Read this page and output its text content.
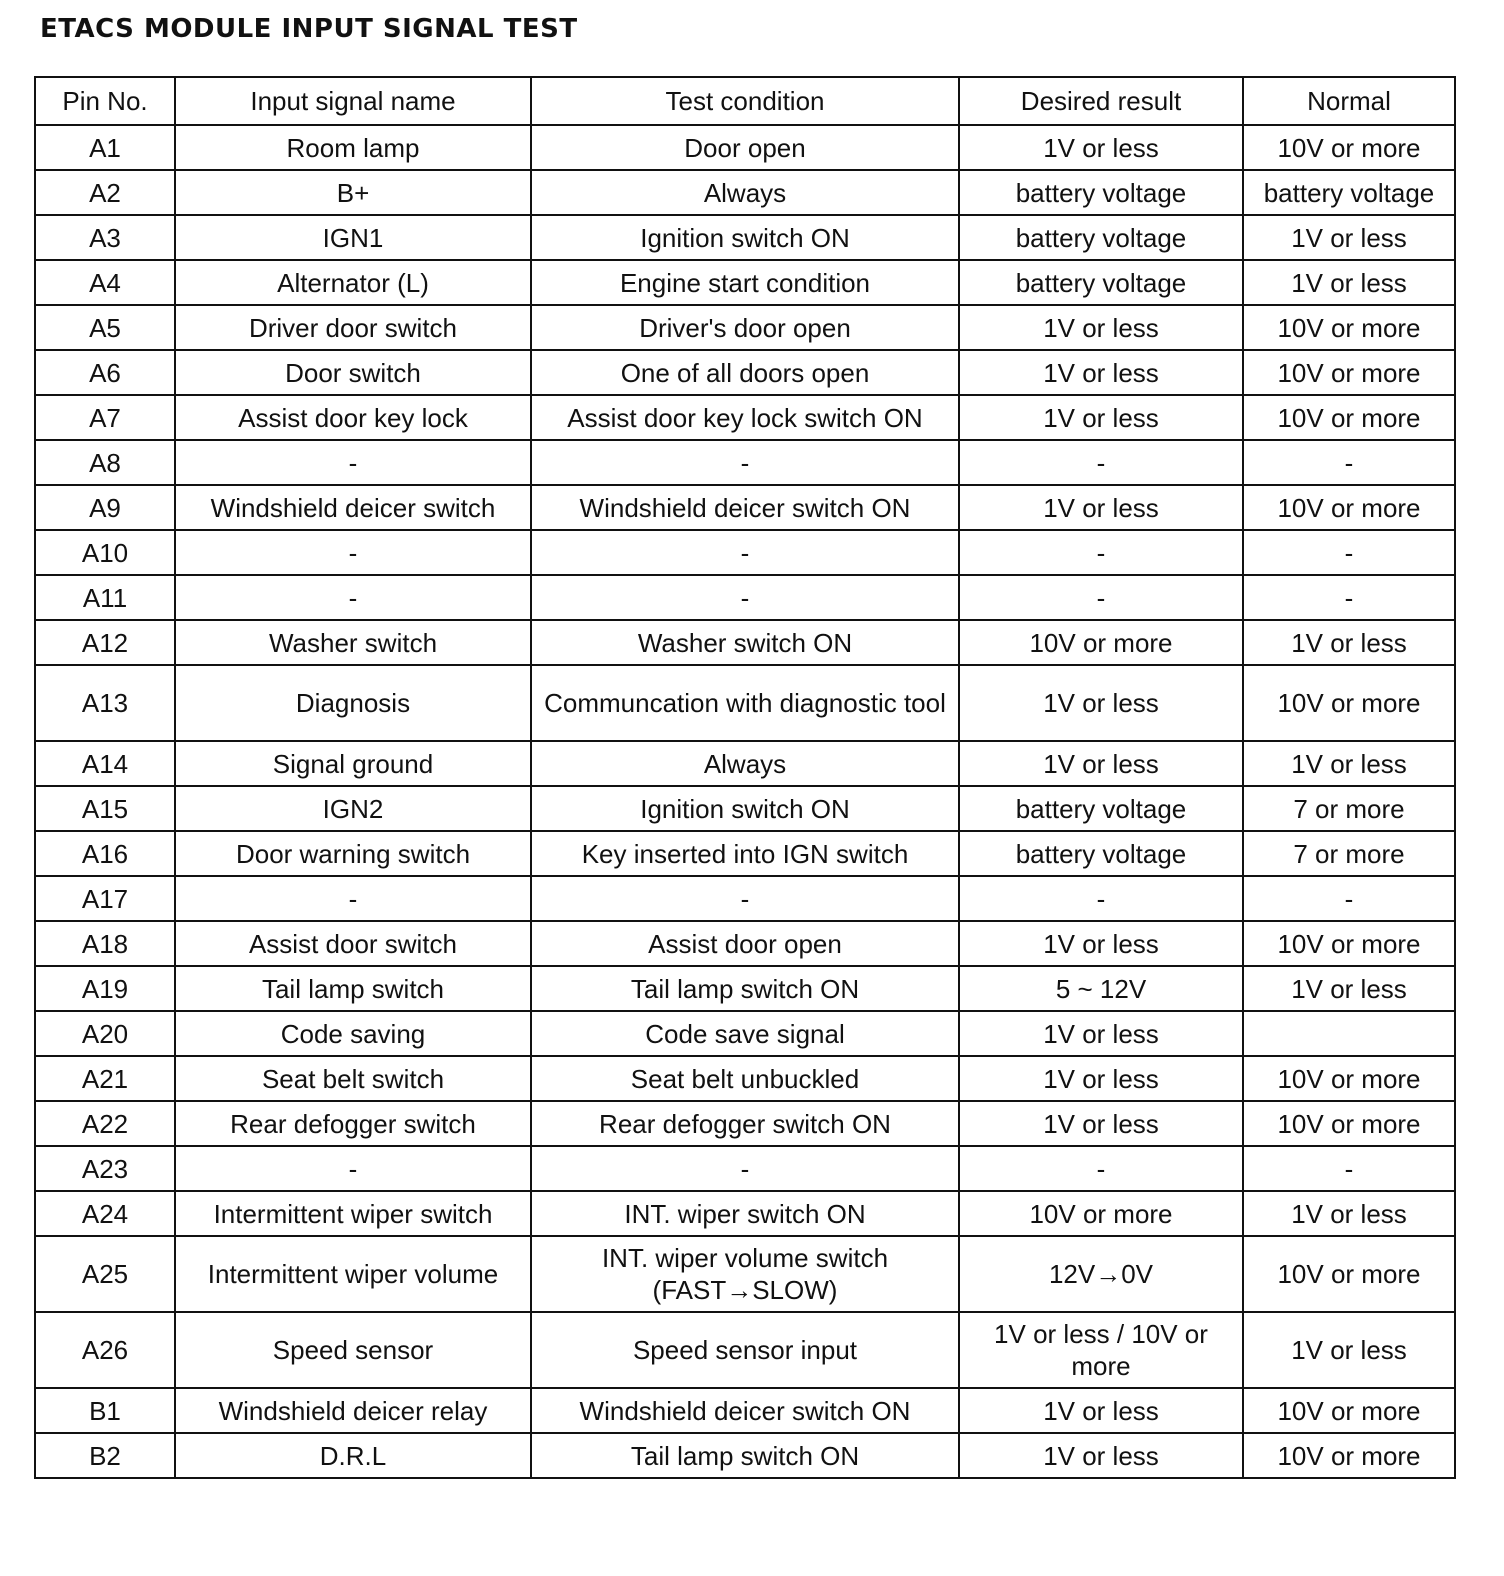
ETACS MODULE INPUT SIGNAL TEST
Pin No.	Input signal name	Test condition	Desired result	Normal
A1	Room lamp	Door open	1V or less	10V or more
A2	B+	Always	battery voltage	battery voltage
A3	IGN1	Ignition switch ON	battery voltage	1V or less
A4	Alternator (L)	Engine start condition	battery voltage	1V or less
A5	Driver door switch	Driver's door open	1V or less	10V or more
A6	Door switch	One of all doors open	1V or less	10V or more
A7	Assist door key lock	Assist door key lock switch ON	1V or less	10V or more
A8	-	-	-	-
A9	Windshield deicer switch	Windshield deicer switch ON	1V or less	10V or more
A10	-	-	-	-
A11	-	-	-	-
A12	Washer switch	Washer switch ON	10V or more	1V or less
A13	Diagnosis	Communcation with diagnostic tool	1V or less	10V or more
A14	Signal ground	Always	1V or less	1V or less
A15	IGN2	Ignition switch ON	battery voltage	7 or more
A16	Door warning switch	Key inserted into IGN switch	battery voltage	7 or more
A17	-	-	-	-
A18	Assist door switch	Assist door open	1V or less	10V or more
A19	Tail lamp switch	Tail lamp switch ON	5 ~ 12V	1V or less
A20	Code saving	Code save signal	1V or less	
A21	Seat belt switch	Seat belt unbuckled	1V or less	10V or more
A22	Rear defogger switch	Rear defogger switch ON	1V or less	10V or more
A23	-	-	-	-
A24	Intermittent wiper switch	INT. wiper switch ON	10V or more	1V or less
A25	Intermittent wiper volume	INT. wiper volume switch (FAST→SLOW)	12V→0V	10V or more
A26	Speed sensor	Speed sensor input	1V or less / 10V or more	1V or less
B1	Windshield deicer relay	Windshield deicer switch ON	1V or less	10V or more
B2	D.R.L	Tail lamp switch ON	1V or less	10V or more
